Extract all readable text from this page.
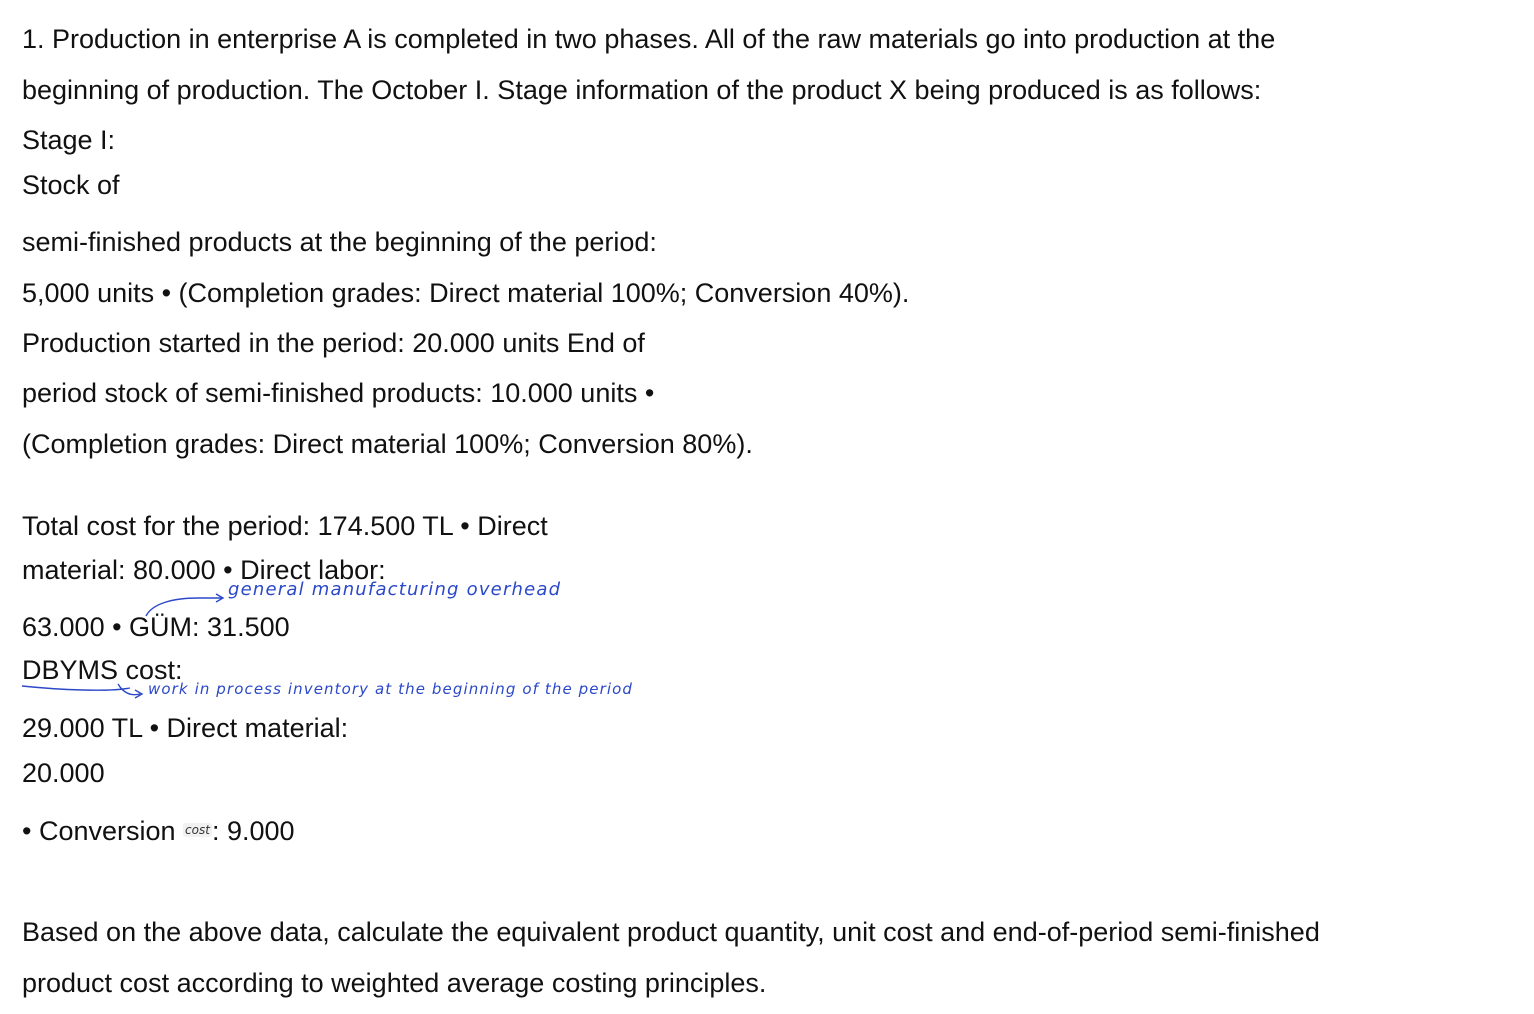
1. Production in enterprise A is completed in two phases. All of the raw materials go into production at the

beginning of production. The October I. Stage information of the product X being produced is as follows:

Stage I:

Stock of

semi-finished products at the beginning of the period:

5,000 units • (Completion grades: Direct material 100%; Conversion 40%).

Production started in the period: 20.000 units End of

period stock of semi-finished products: 10.000 units •

(Completion grades: Direct material 100%; Conversion 80%).

Total cost for the period: 174.500 TL • Direct

material: 80.000 • Direct labor:

63.000 • GÜM: 31.500

DBYMS cost:

29.000 TL • Direct material:

20.000

• Conversion $^{cost}$: 9.000

Based on the above data, calculate the equivalent product quantity, unit cost and end-of-period semi-finished

product cost according to weighted average costing principles.

general manufacturing overhead
work in process inventory at the beginning of the period
